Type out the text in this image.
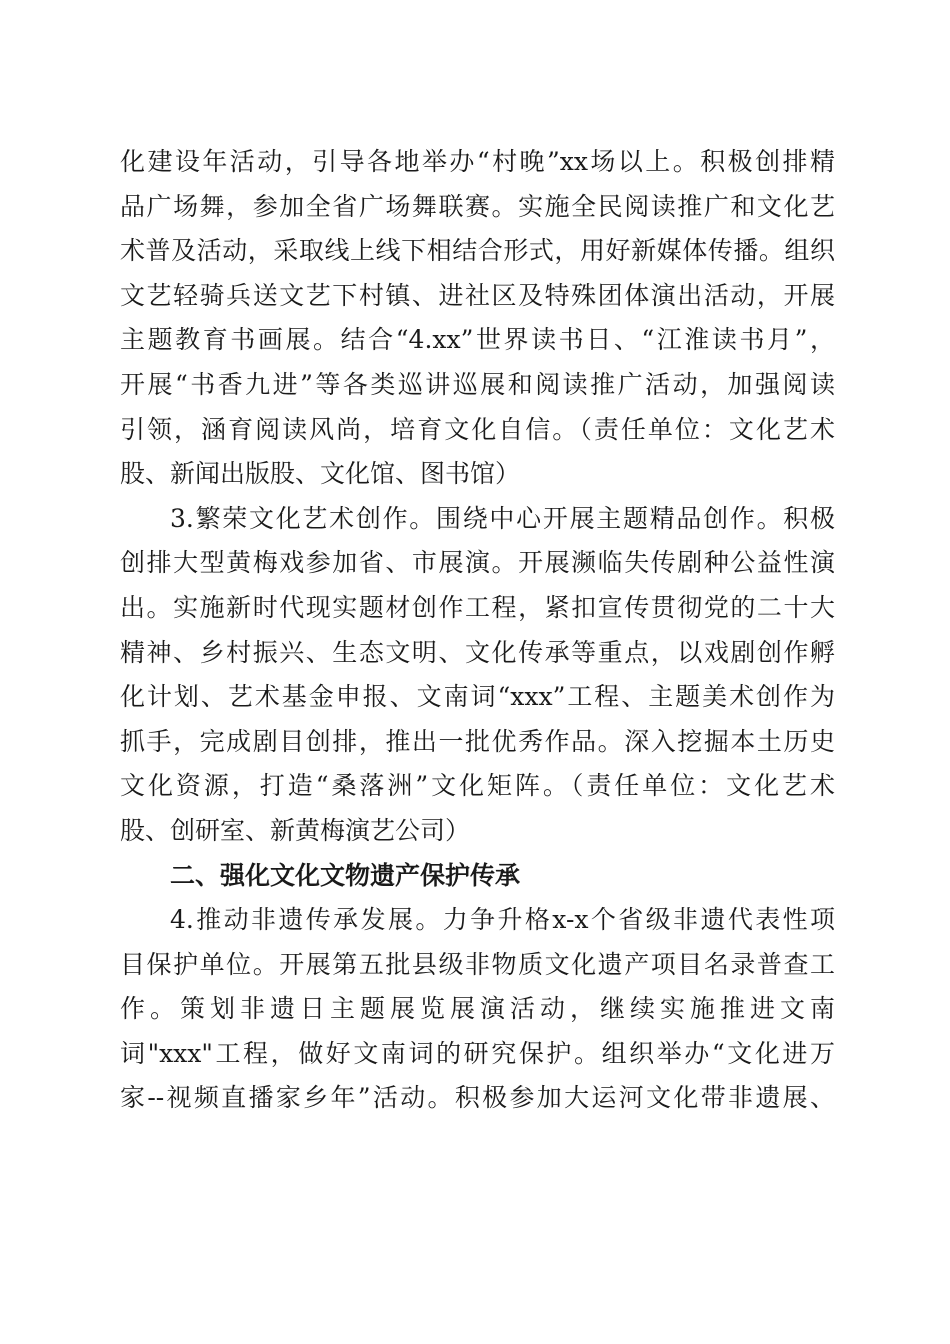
化建设年活动，引导各地举办“村晚”xx场以上。积极创排精
品广场舞，参加全省广场舞联赛。实施全民阅读推广和文化艺
术普及活动，采取线上线下相结合形式，用好新媒体传播。组织
文艺轻骑兵送文艺下村镇、进社区及特殊团体演出活动，开展
主题教育书画展。结合“4.xx”世界读书日、“江淮读书月”，
开展“书香九进”等各类巡讲巡展和阅读推广活动，加强阅读
引领，涵育阅读风尚，培育文化自信。（责任单位：文化艺术
股、新闻出版股、文化馆、图书馆）
3.繁荣文化艺术创作。围绕中心开展主题精品创作。积极
创排大型黄梅戏参加省、市展演。开展濒临失传剧种公益性演
出。实施新时代现实题材创作工程，紧扣宣传贯彻党的二十大
精神、乡村振兴、生态文明、文化传承等重点，以戏剧创作孵
化计划、艺术基金申报、文南词“xxx”工程、主题美术创作为
抓手，完成剧目创排，推出一批优秀作品。深入挖掘本土历史
文化资源，打造“桑落洲”文化矩阵。（责任单位：文化艺术
股、创研室、新黄梅演艺公司）
二、强化文化文物遗产保护传承
4.推动非遗传承发展。力争升格x-x个省级非遗代表性项
目保护单位。开展第五批县级非物质文化遗产项目名录普查工
作。策划非遗日主题展览展演活动，继续实施推进文南
词"xxx"工程，做好文南词的研究保护。组织举办“文化进万
家--视频直播家乡年”活动。积极参加大运河文化带非遗展、
